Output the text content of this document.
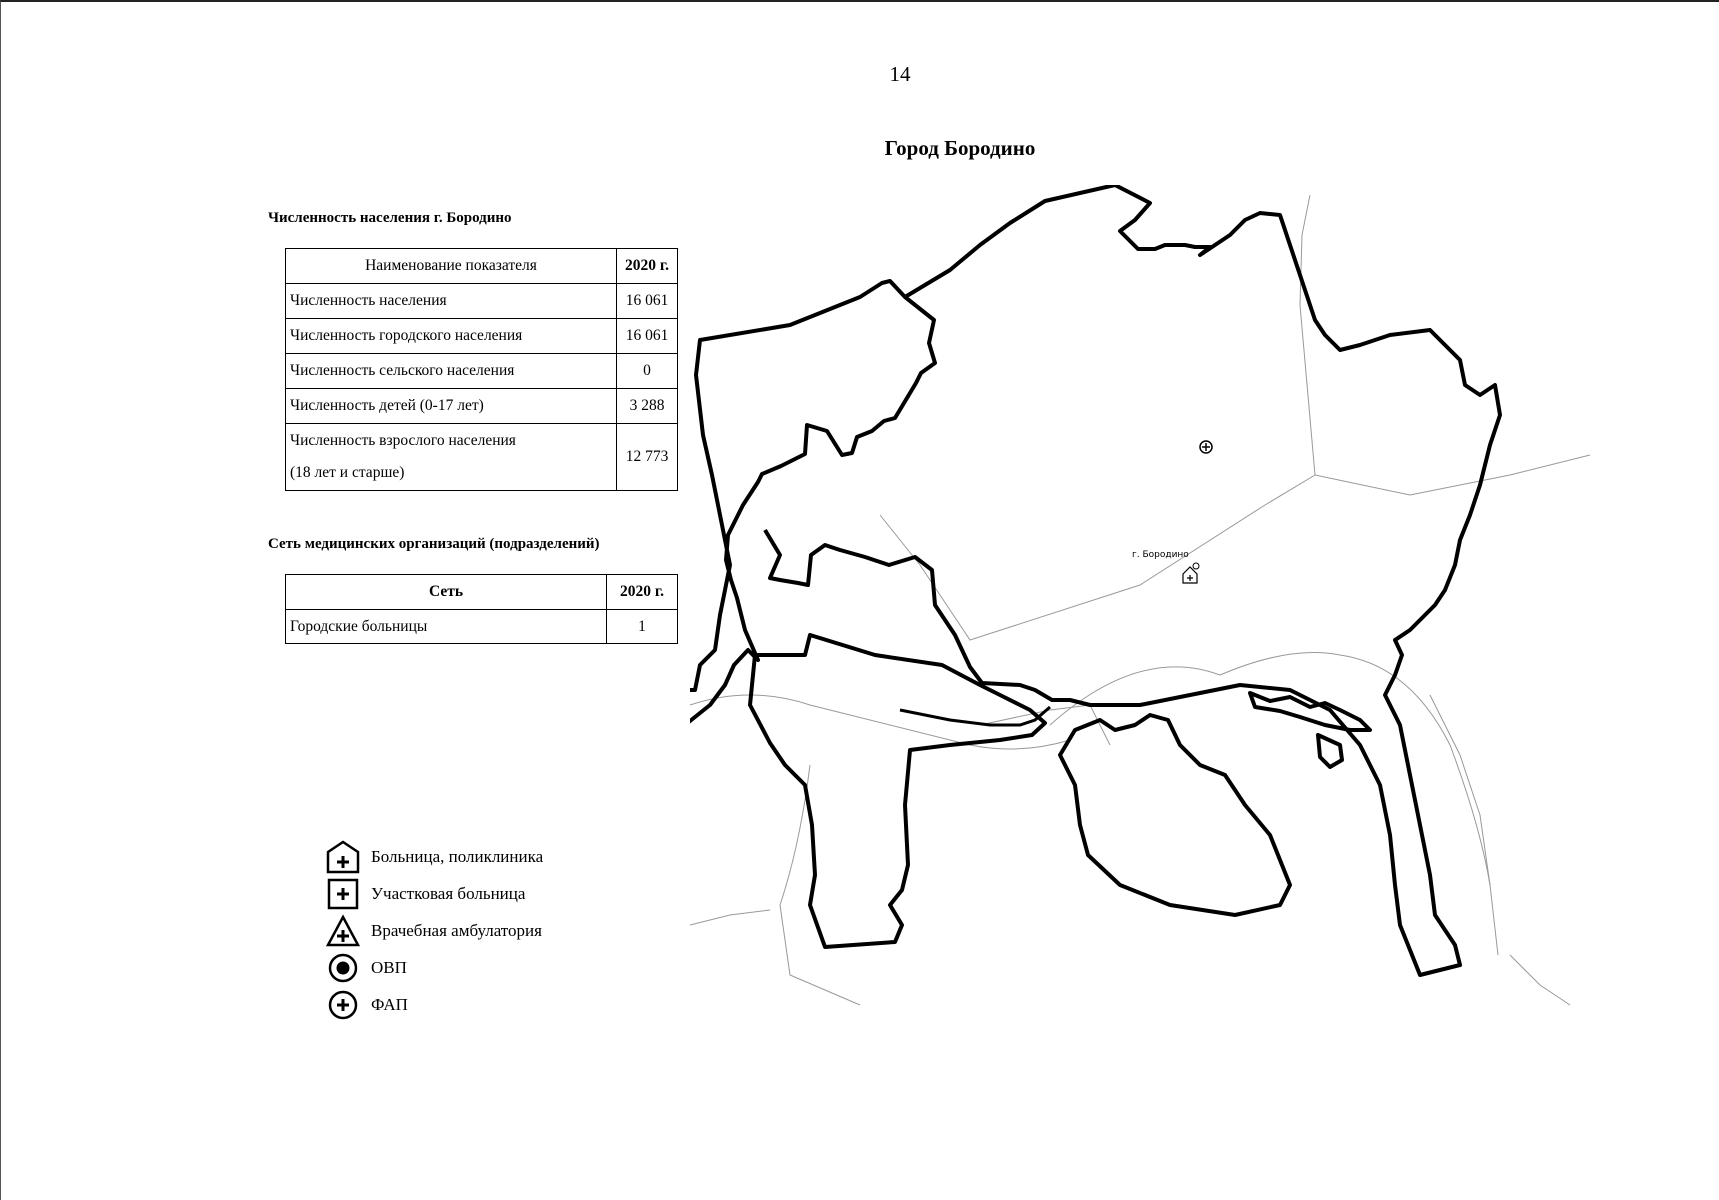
14
Город Бородино
Численность населения г. Бородино
Наименование показателя	2020 г.
Численность населения	16 061
Численность городского населения	16 061
Численность сельского населения	0
Численность детей (0-17 лет)	3 288
Численность взрослого населения
(18 лет и старше)	12 773
Сеть медицинских организаций (подразделений)
Сеть	2020 г.
Городские больницы	1
г. Бородино
Больница, поликлиника
Участковая больница
Врачебная амбулатория
ОВП
ФАП
